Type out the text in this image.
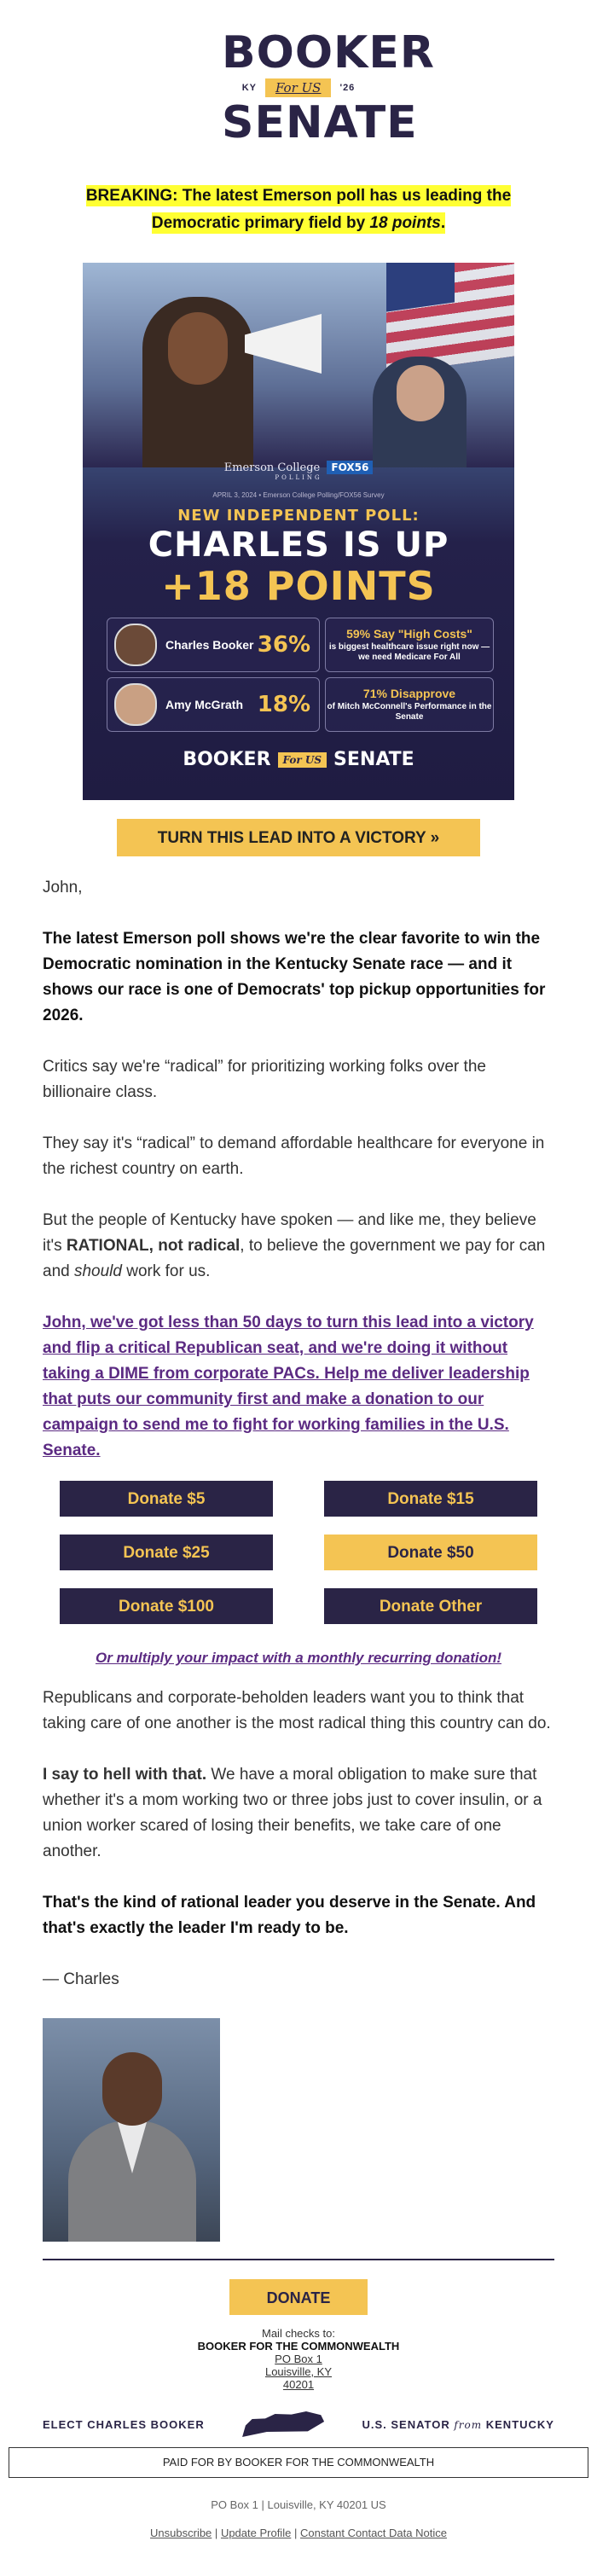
BOOKER
KY	For US	'26
SENATE
BREAKING: The latest Emerson poll has us leading the Democratic primary field by 18 points.
Emerson College FOX56
POLLING
APRIL 3, 2024 • Emerson College Polling/FOX56 Survey
NEW INDEPENDENT POLL:
CHARLES IS UP
+18 POINTS
Charles Booker 36%
Amy McGrath 18%
59% Say "High Costs"
is biggest healthcare issue right now — we need Medicare For All
71% Disapprove
of Mitch McConnell's Performance in the Senate
BOOKER	For US SENATE
TURN THIS LEAD INTO A VICTORY »

John,

The latest Emerson poll shows we're the clear favorite to win the Democratic nomination in the Kentucky Senate race — and it shows our race is one of Democrats' top pickup opportunities for 2026.

Critics say we're “radical” for prioritizing working folks over the billionaire class.

They say it's “radical” to demand affordable healthcare for everyone in the richest country on earth.

But the people of Kentucky have spoken — and like me, they believe it's RATIONAL, not radical, to believe the government we pay for can and should work for us.

John, we've got less than 50 days to turn this lead into a victory and flip a critical Republican seat, and we're doing it without taking a DIME from corporate PACs. Help me deliver leadership that puts our community first and make a donation to our campaign to send me to fight for working families in the U.S. Senate.

Donate $5	Donate $15
Donate $25	Donate $50
Donate $100	Donate Other
Or multiply your impact with a monthly recurring donation!

Republicans and corporate-beholden leaders want you to think that taking care of one another is the most radical thing this country can do.

I say to hell with that. We have a moral obligation to make sure that whether it's a mom working two or three jobs just to cover insulin, or a union worker scared of losing their benefits, we take care of one another.

That's the kind of rational leader you deserve in the Senate. And that's exactly the leader I'm ready to be.

— Charles

DONATE
Mail checks to:
BOOKER FOR THE COMMONWEALTH
PO Box 1
Louisville, KY
40201
ELECT CHARLES BOOKER	U.S. SENATOR from KENTUCKY
PAID FOR BY BOOKER FOR THE COMMONWEALTH
PO Box 1 | Louisville, KY 40201 US
Unsubscribe | Update Profile | Constant Contact Data Notice
